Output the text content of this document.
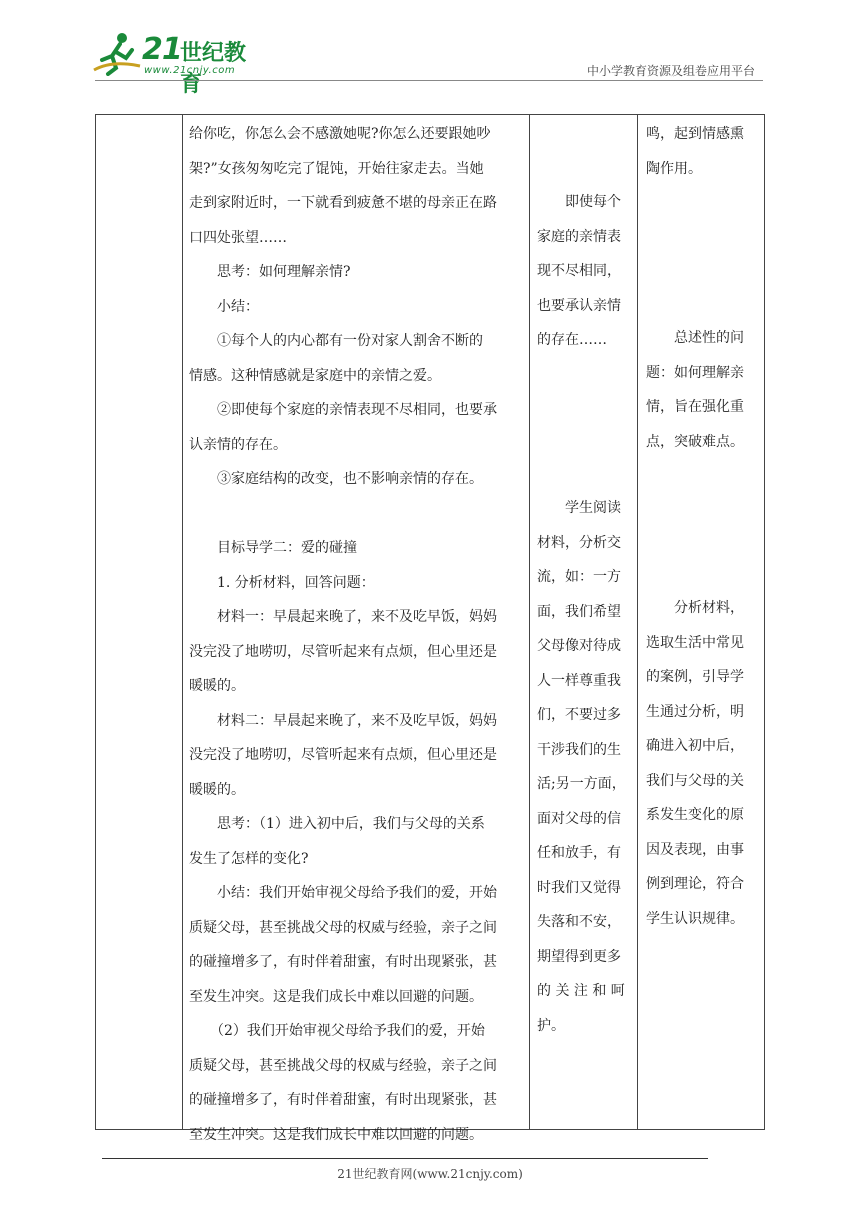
21
世纪教育
www.21cnjy.com	中小学教育资源及组卷应用平台

给你吃，你怎么会不感激她呢?你怎么还要跟她吵

架?”女孩匆匆吃完了馄饨，开始往家走去。当她

走到家附近时，一下就看到疲惫不堪的母亲正在路

口四处张望……

思考：如何理解亲情?

小结：

①每个人的内心都有一份对家人割舍不断的

情感。这种情感就是家庭中的亲情之爱。

②即使每个家庭的亲情表现不尽相同，也要承

认亲情的存在。

③家庭结构的改变，也不影响亲情的存在。

目标导学二：爱的碰撞

1. 分析材料，回答问题：

材料一：早晨起来晚了，来不及吃早饭，妈妈

没完没了地唠叨，尽管听起来有点烦，但心里还是

暖暖的。

材料二：早晨起来晚了，来不及吃早饭，妈妈

没完没了地唠叨，尽管听起来有点烦，但心里还是

暖暖的。

思考：（1）进入初中后，我们与父母的关系

发生了怎样的变化?

小结：我们开始审视父母给予我们的爱，开始

质疑父母，甚至挑战父母的权威与经验，亲子之间

的碰撞增多了，有时伴着甜蜜，有时出现紧张，甚

至发生冲突。这是我们成长中难以回避的问题。

（2）我们开始审视父母给予我们的爱，开始

质疑父母，甚至挑战父母的权威与经验，亲子之间

的碰撞增多了，有时伴着甜蜜，有时出现紧张，甚

至发生冲突。这是我们成长中难以回避的问题。

即使每个

家庭的亲情表

现不尽相同，

也要承认亲情

的存在……

学生阅读

材料，分析交

流，如：一方

面，我们希望

父母像对待成

人一样尊重我

们，不要过多

干涉我们的生

活;另一方面，

面对父母的信

任和放手，有

时我们又觉得

失落和不安，

期望得到更多

的 关 注 和 呵

护。

鸣，起到情感熏

陶作用。

总述性的问

题：如何理解亲

情，旨在强化重

点，突破难点。

分析材料，

选取生活中常见

的案例，引导学

生通过分析，明

确进入初中后，

我们与父母的关

系发生变化的原

因及表现，由事

例到理论，符合

学生认识规律。

21世纪教育网(www.21cnjy.com)
